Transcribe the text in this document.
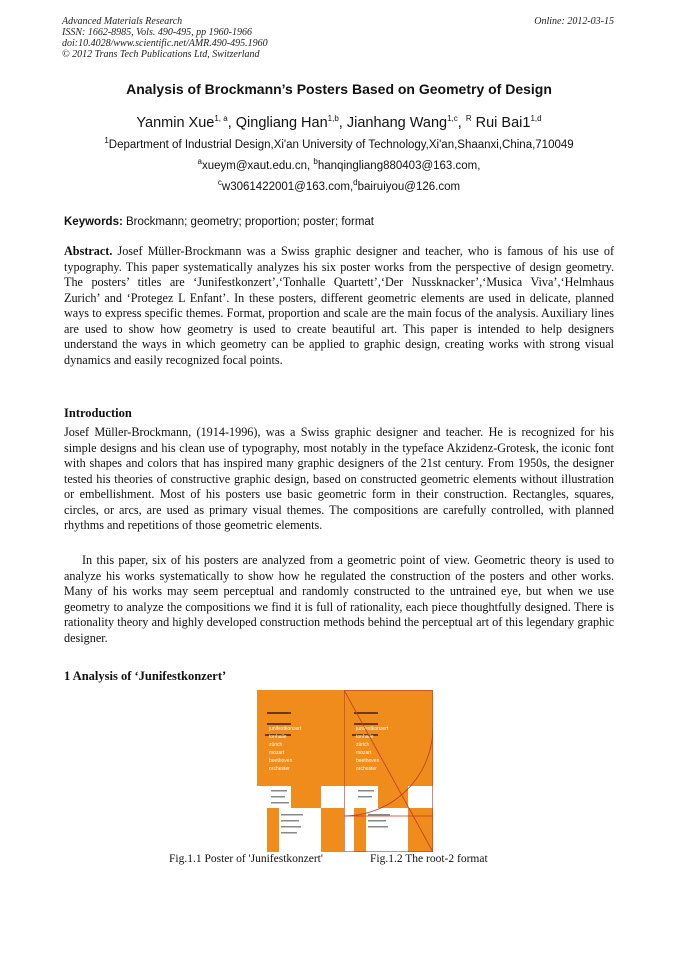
Advanced Materials Research
ISSN: 1662-8985, Vols. 490-495, pp 1960-1966
doi:10.4028/www.scientific.net/AMR.490-495.1960
© 2012 Trans Tech Publications Ltd, Switzerland
Online: 2012-03-15
Analysis of Brockmann’s Posters Based on Geometry of Design
Yanmin Xue$^{1, a}$, Qingliang Han$^{1,b}$, Jianhang Wang$^{1,c}$, $^R$ Rui Bai1$^{1,d}$
$^1$Department of Industrial Design,Xi'an University of Technology,Xi'an,Shaanxi,China,710049
$^a$xueym@xaut.edu.cn, $^b$hanqingliang880403@163.com,
$^c$w3061422001@163.com,$^d$bairuiyou@126.com
Keywords: Brockmann; geometry; proportion; poster; format
Abstract. Josef Müller-Brockmann was a Swiss graphic designer and teacher, who is famous of his use of typography. This paper systematically analyzes his six poster works from the perspective of design geometry. The posters’ titles are ‘Junifestkonzert’,‘Tonhalle Quartett’,‘Der Nussknacker’,‘Musica Viva’,‘Helmhaus Zurich’ and ‘Protegez L Enfant’. In these posters, different geometric elements are used in delicate, planned ways to express specific themes. Format, proportion and scale are the main focus of the analysis. Auxiliary lines are used to show how geometry is used to create beautiful art. This paper is intended to help designers understand the ways in which geometry can be applied to graphic design, creating works with strong visual dynamics and easily recognized focal points.
Introduction
Josef Müller-Brockmann, (1914-1996), was a Swiss graphic designer and teacher. He is recognized for his simple designs and his clean use of typography, most notably in the typeface Akzidenz-Grotesk, the iconic font with shapes and colors that has inspired many graphic designers of the 21st century. From 1950s, the designer tested his theories of constructive graphic design, based on constructed geometric elements without illustration or embellishment. Most of his posters use basic geometric form in their construction. Rectangles, squares, circles, or arcs, are used as primary visual themes. The compositions are carefully controlled, with planned rhythms and repetitions of those geometric elements.
In this paper, six of his posters are analyzed from a geometric point of view. Geometric theory is used to analyze his works systematically to show how he regulated the construction of the posters and other works. Many of his works may seem perceptual and randomly constructed to the untrained eye, but when we use geometry to analyze the compositions we find it is full of rationality, each piece thoughtfully designed. There is rationality theory and highly developed construction methods behind the perceptual art of this legendary graphic designer.
1 Analysis of ‘Junifestkonzert’
junifestkonzert
tonhalle
zürich
mozart
beethoven
orchester
junifestkonzert
tonhalle
zürich
mozart
beethoven
orchester
Fig.1.1 Poster of 'Junifestkonzert'	Fig.1.2 The root-2 format
